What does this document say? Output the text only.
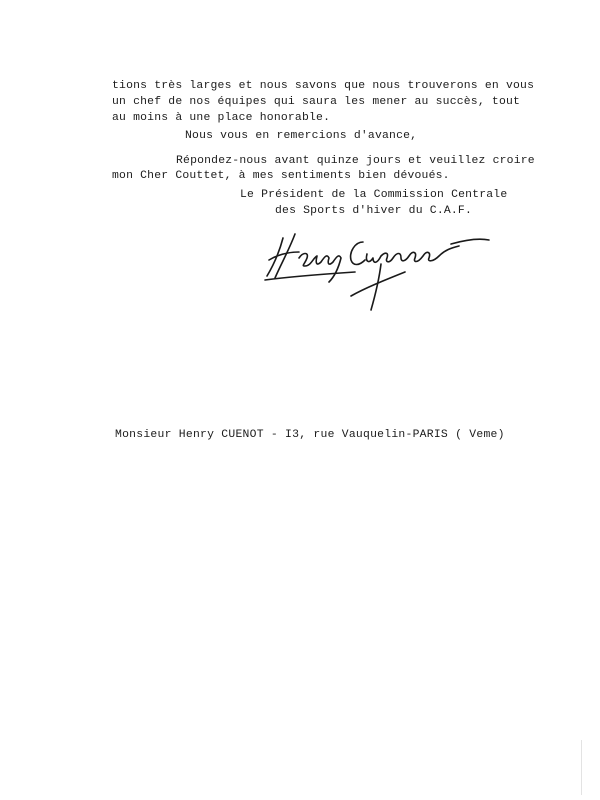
tions très larges et nous savons que nous trouverons en vous
un chef de nos équipes qui saura les mener au succès, tout
au moins à une place honorable.
Nous vous en remercions d'avance,
Répondez-nous avant quinze jours et veuillez croire
mon Cher Couttet, à mes sentiments bien dévoués.
Le Président de la Commission Centrale
des Sports d'hiver du C.A.F.
Monsieur Henry CUENOT - I3, rue Vauquelin-PARIS ( Veme)
